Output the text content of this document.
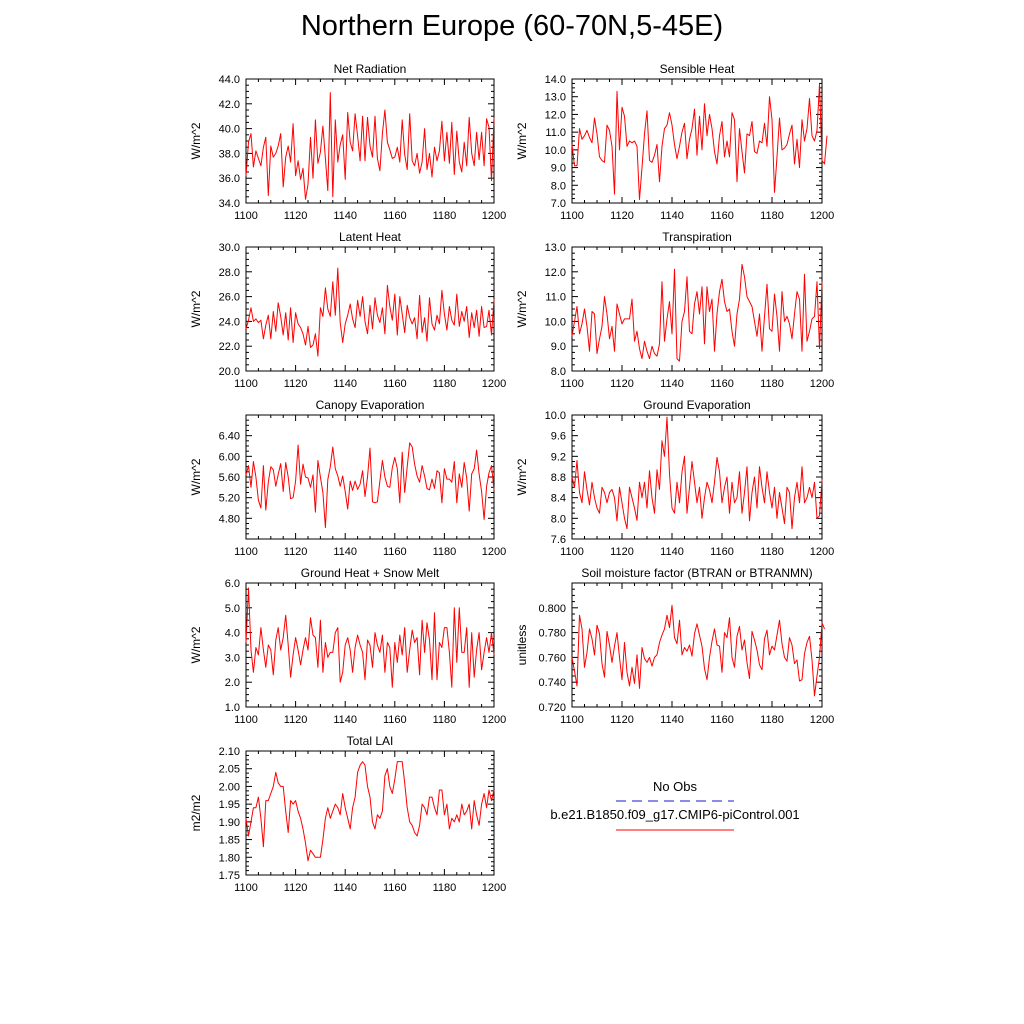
Northern Europe (60-70N,5-45E)
Net Radiation
W/m^2
1100 1120 1140 1160 1180 1200
34.0
36.0
38.0
40.0
42.0
44.0
Sensible Heat
W/m^2
1100 1120 1140 1160 1180 1200
7.0
8.0
9.0
10.0
11.0
12.0
13.0
14.0
Latent Heat
W/m^2
1100 1120 1140 1160 1180 1200
20.0
22.0
24.0
26.0
28.0
30.0
Transpiration
W/m^2
1100 1120 1140 1160 1180 1200
8.0
9.0
10.0
11.0
12.0
13.0
Canopy Evaporation
W/m^2
1100 1120 1140 1160 1180 1200
4.80
5.20
5.60
6.00
6.40
Ground Evaporation
W/m^2
1100 1120 1140 1160 1180 1200
7.6
8.0
8.4
8.8
9.2
9.6
10.0
Ground Heat + Snow Melt
W/m^2
1100 1120 1140 1160 1180 1200
1.0
2.0
3.0
4.0
5.0
6.0
Soil moisture factor (BTRAN or BTRANMN)
unitless
1100 1120 1140 1160 1180 1200
0.720
0.740
0.760
0.780
0.800
Total LAI
m2/m2
1100 1120 1140 1160 1180 1200
1.75
1.80
1.85
1.90
1.95
2.00
2.05
2.10
No Obs
b.e21.B1850.f09_g17.CMIP6-piControl.001
